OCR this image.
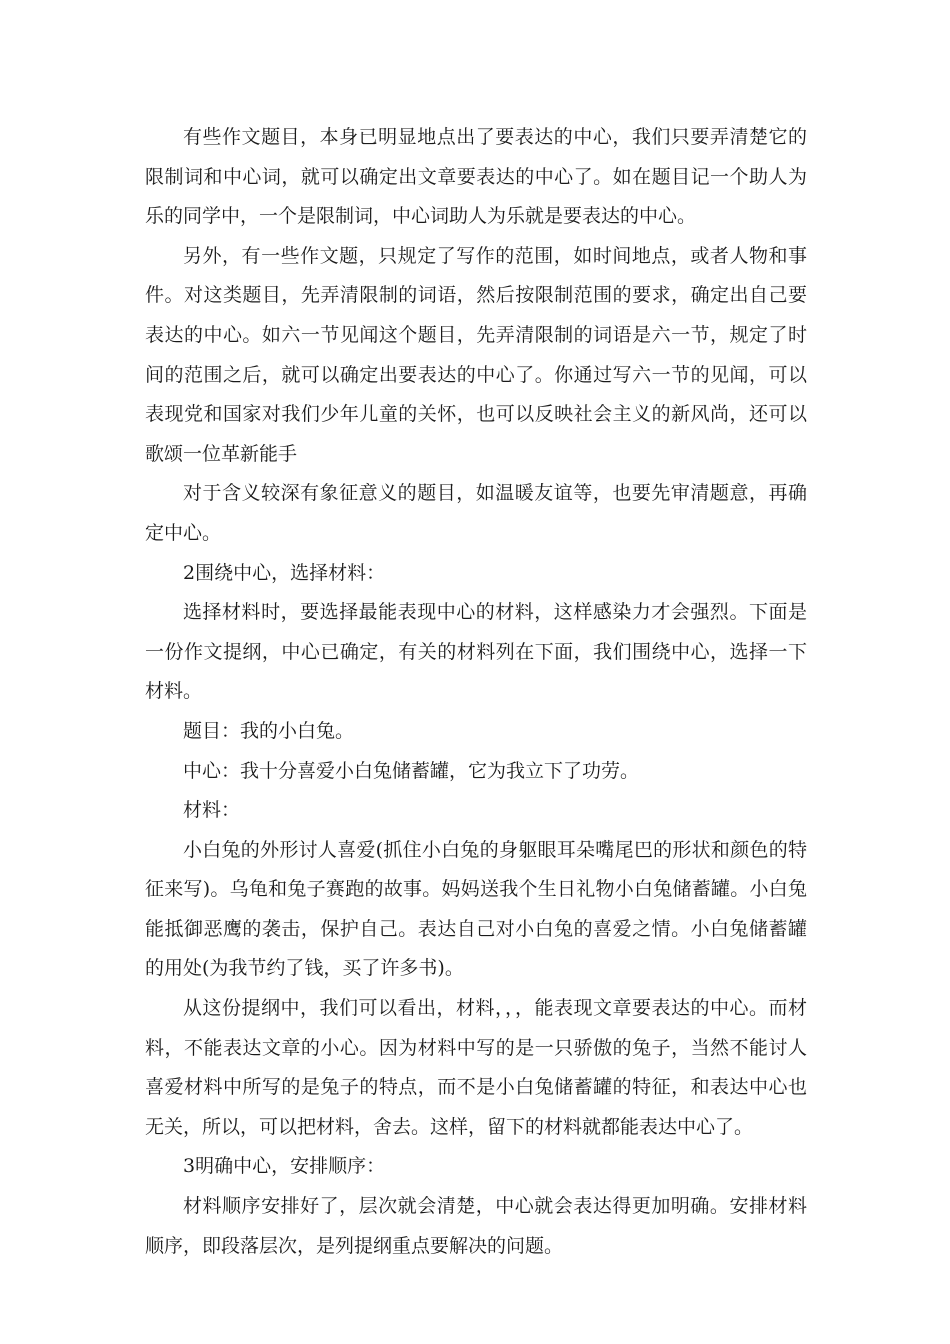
有些作文题目，本身已明显地点出了要表达的中心，我们只要弄清楚它的限制词和中心词，就可以确定出文章要表达的中心了。如在题目记一个助人为乐的同学中，一个是限制词，中心词助人为乐就是要表达的中心。

另外，有一些作文题，只规定了写作的范围，如时间地点，或者人物和事件。对这类题目，先弄清限制的词语，然后按限制范围的要求，确定出自己要表达的中心。如六一节见闻这个题目，先弄清限制的词语是六一节，规定了时间的范围之后，就可以确定出要表达的中心了。你通过写六一节的见闻，可以表现党和国家对我们少年儿童的关怀，也可以反映社会主义的新风尚，还可以歌颂一位革新能手

对于含义较深有象征意义的题目，如温暖友谊等，也要先审清题意，再确定中心。

2围绕中心，选择材料：

选择材料时，要选择最能表现中心的材料，这样感染力才会强烈。下面是一份作文提纲，中心已确定，有关的材料列在下面，我们围绕中心，选择一下材料。

题目：我的小白兔。

中心：我十分喜爱小白兔储蓄罐，它为我立下了功劳。

材料：

小白兔的外形讨人喜爱(抓住小白兔的身躯眼耳朵嘴尾巴的形状和颜色的特征来写)。乌龟和兔子赛跑的故事。妈妈送我个生日礼物小白兔储蓄罐。小白兔能抵御恶鹰的袭击，保护自己。表达自己对小白兔的喜爱之情。小白兔储蓄罐的用处(为我节约了钱，买了许多书)。

从这份提纲中，我们可以看出，材料，，，能表现文章要表达的中心。而材料，不能表达文章的小心。因为材料中写的是一只骄傲的兔子，当然不能讨人喜爱材料中所写的是兔子的特点，而不是小白兔储蓄罐的特征，和表达中心也无关，所以，可以把材料，舍去。这样，留下的材料就都能表达中心了。

3明确中心，安排顺序：

材料顺序安排好了，层次就会清楚，中心就会表达得更加明确。安排材料顺序，即段落层次，是列提纲重点要解决的问题。
